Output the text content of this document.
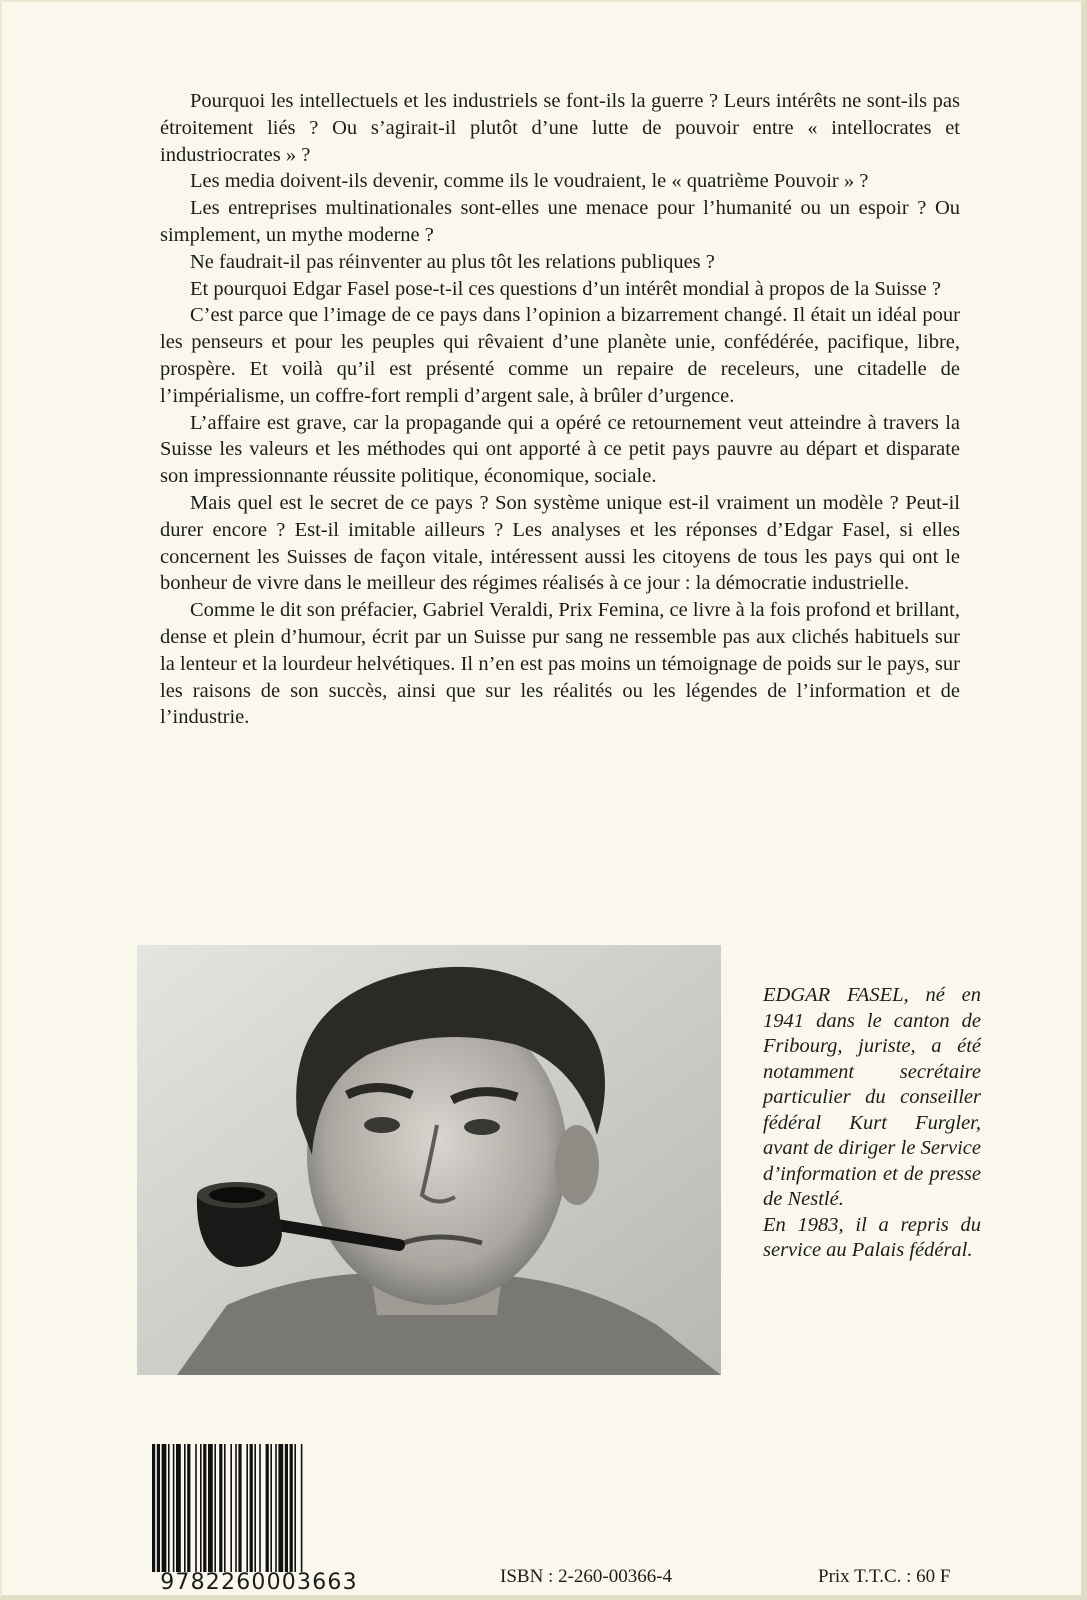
Pourquoi les intellectuels et les industriels se font-ils la guerre ? Leurs intérêts ne sont-ils pas étroitement liés ? Ou s’agirait-il plutôt d’une lutte de pouvoir entre « intellocrates et industriocrates » ?

Les media doivent-ils devenir, comme ils le voudraient, le « quatrième Pouvoir » ?

Les entreprises multinationales sont-elles une menace pour l’humanité ou un espoir ? Ou simplement, un mythe moderne ?

Ne faudrait-il pas réinventer au plus tôt les relations publiques ?

Et pourquoi Edgar Fasel pose-t-il ces questions d’un intérêt mondial à propos de la Suisse ?

C’est parce que l’image de ce pays dans l’opinion a bizarrement changé. Il était un idéal pour les penseurs et pour les peuples qui rêvaient d’une planète unie, confédérée, pacifique, libre, prospère. Et voilà qu’il est présenté comme un repaire de receleurs, une citadelle de l’impérialisme, un coffre-fort rempli d’argent sale, à brûler d’urgence.

L’affaire est grave, car la propagande qui a opéré ce retournement veut atteindre à travers la Suisse les valeurs et les méthodes qui ont apporté à ce petit pays pauvre au départ et disparate son impressionnante réussite politique, économique, sociale.

Mais quel est le secret de ce pays ? Son système unique est-il vraiment un modèle ? Peut-il durer encore ? Est-il imitable ailleurs ? Les analyses et les réponses d’Edgar Fasel, si elles concernent les Suisses de façon vitale, intéressent aussi les citoyens de tous les pays qui ont le bonheur de vivre dans le meilleur des régimes réalisés à ce jour : la démocratie industrielle.

Comme le dit son préfacier, Gabriel Veraldi, Prix Femina, ce livre à la fois profond et brillant, dense et plein d’humour, écrit par un Suisse pur sang ne ressemble pas aux clichés habituels sur la lenteur et la lourdeur helvétiques. Il n’en est pas moins un témoignage de poids sur le pays, sur les raisons de son succès, ainsi que sur les réalités ou les légendes de l’information et de l’industrie.

EDGAR FASEL, né en 1941 dans le canton de Fribourg, juriste, a été notamment secrétaire particulier du conseiller fédéral Kurt Furgler, avant de diriger le Service d’information et de presse de Nestlé.

En 1983, il a repris du service au Palais fédéral.

9782260003663	ISBN : 2-260-00366-4	Prix T.T.C. : 60 F
